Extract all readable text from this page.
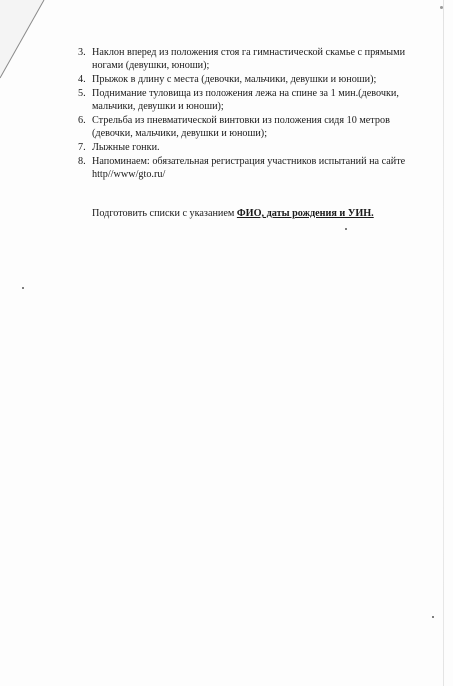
3. Наклон вперед из положения стоя га гимнастической скамье с прямыми ногами (девушки, юноши);
4. Прыжок в длину с места (девочки, мальчики, девушки и юноши);
5. Поднимание туловища из положения лежа на спине за 1 мин.(девочки, мальчики, девушки и юноши);
6. Стрельба из пневматической винтовки из положения сидя 10 метров (девочки, мальчики, девушки и юноши);
7. Лыжные гонки.
8. Напоминаем: обязательная регистрация участников испытаний на сайте http//www/gto.ru/
Подготовить списки с указанием ФИО, даты рождения и УИН.
